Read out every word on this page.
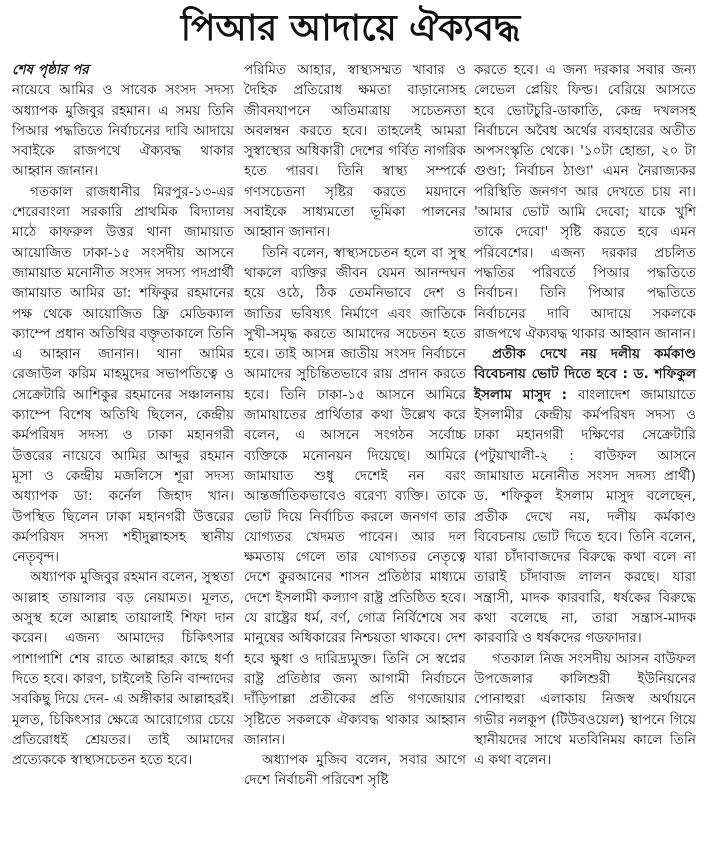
পিআর আদায়ে ঐক্যবদ্ধ

শেষ পৃষ্ঠার পর

নায়েবে আমির ও সাবেক সংসদ সদস্য অধ্যাপক মুজিবুর রহমান। এ সময় তিনি পিআর পদ্ধতিতে নির্বাচনের দাবি আদায়ে সবাইকে রাজপথে ঐক্যবদ্ধ থাকার আহ্বান জানান।

গতকাল রাজধানীর মিরপুর-১৩-এর শেরেবাংলা সরকারি প্রাথমিক বিদ্যালয় মাঠে কাফরুল উত্তর থানা জামায়াত আয়োজিত ঢাকা-১৫ সংসদীয় আসনে জামায়াত মনোনীত সংসদ সদস্য পদপ্রার্থী জামায়াত আমির ডা: শফিকুর রহমানের পক্ষ থেকে আয়োজিত ফ্রি মেডিক্যাল ক্যাম্পে প্রধান অতিথির বক্তৃতাকালে তিনি এ আহ্বান জানান। থানা আমির রেজাউল করিম মাহমুদের সভাপতিত্বে ও সেক্রেটারি আশিকুর রহমানের সঞ্চালনায় ক্যাম্পে বিশেষ অতিথি ছিলেন, কেন্দ্রীয় কর্মপরিষদ সদস্য ও ঢাকা মহানগরী উত্তরের নায়েবে আমির আব্দুর রহমান মূসা ও কেন্দ্রীয় মজলিসে শূরা সদস্য অধ্যাপক ডা: কর্নেল জিহাদ খান। উপস্থিত ছিলেন ঢাকা মহানগরী উত্তরের কর্মপরিষদ সদস্য শহীদুল্লাহসহ স্থানীয় নেতৃবৃন্দ।

অধ্যাপক মুজিবুর রহমান বলেন, সুস্থতা আল্লাহ তায়ালার বড় নেয়ামত। মূলত, অসুস্থ হলে আল্লাহ তায়ালাই শিফা দান করেন। এজন্য আমাদের চিকিৎসার পাশাপাশি শেষ রাতে আল্লাহর কাছে ধর্ণা দিতে হবে। কারণ, চাইলেই তিনি বান্দাদের সবকিছু দিয়ে দেন- এ অঙ্গীকার আল্লাহরই। মূলত, চিকিৎসার ক্ষেত্রে আরোগ্যের চেয়ে প্রতিরোধই শ্রেয়তর। তাই আমাদের প্রত্যেককে স্বাস্থ্যসচেতন হতে হবে।

পরিমিত আহার, স্বাস্থ্যসম্মত খাবার ও দৈহিক প্রতিরোধ ক্ষমতা বাড়ানোসহ জীবনযাপনে অতিমাত্রায় সচেতনতা অবলম্বন করতে হবে। তাহলেই আমরা সুস্বাস্থ্যের অধিকারী দেশের গর্বিত নাগরিক হতে পারব। তিনি স্বাস্থ্য সম্পর্কে গণসচেতনা সৃষ্টির করতে ময়দানে সবাইকে সাধ্যমতো ভূমিকা পালনের আহ্বান জানান।

তিনি বলেন, স্বাস্থ্যসচেতন হলে বা সুস্থ থাকলে ব্যক্তির জীবন যেমন আনন্দঘন হয়ে ওঠে, ঠিক তেমনিভাবে দেশ ও জাতির ভবিষ্যৎ নির্মাণে এবং জাতিকে সুখী-সমৃদ্ধ করতে আমাদের সচেতন হতে হবে। তাই আসন্ন জাতীয় সংসদ নির্বাচনে আমাদের সুচিন্তিতভাবে রায় প্রদান করতে হবে। তিনি ঢাকা-১৫ আসনে আমিরে জামায়াতের প্রার্থিতার কথা উল্লেখ করে বলেন, এ আসনে সংগঠন সর্বোচ্চ ব্যক্তিকে মনোনয়ন দিয়েছে। আমিরে জামায়াত শুধু দেশেই নন বরং আন্তর্জাতিকভাবেও বরেণ্য ব্যক্তি। তাকে ভোট দিয়ে নির্বাচিত করলে জনগণ তার যোগ্যতর খেদমত পাবেন। আর দল ক্ষমতায় গেলে তার যোগ্যতর নেতৃত্বে দেশে কুরআনের শাসন প্রতিষ্ঠার মাধ্যমে দেশে ইসলামী কল্যাণ রাষ্ট্র প্রতিষ্ঠিত হবে। যে রাষ্ট্রের ধর্ম, বর্ণ, গোত্র নির্বিশেষে সব মানুষের অধিকারের নিশ্চয়তা থাকবে। দেশ হবে ক্ষুধা ও দারিদ্র্যমুক্ত। তিনি সে স্বপ্নের রাষ্ট্র প্রতিষ্ঠার জন্য আগামী নির্বাচনে দাঁড়িপাল্লা প্রতীকের প্রতি গণজোয়ার সৃষ্টিতে সকলকে ঐক্যবদ্ধ থাকার আহ্বান জানান।

অধ্যাপক মুজিব বলেন, সবার আগে দেশে নির্বাচনী পরিবেশ সৃষ্টি

করতে হবে। এ জন্য দরকার সবার জন্য লেভেল প্লেয়িং ফিল্ড। বেরিয়ে আসতে হবে ভোটচুরি-ডাকাতি, কেন্দ্র দখলসহ নির্বাচনে অবৈধ অর্থের ব্যবহারের অতীত অপসংস্কৃতি থেকে। '১০টা হোন্ডা, ২০ টা গুণ্ডা; নির্বাচন ঠাণ্ডা' এমন নৈরাজ্যকর পরিস্থিতি জনগণ আর দেখতে চায় না। 'আমার ভোট আমি দেবো; যাকে খুশি তাকে দেবো' সৃষ্টি করতে হবে এমন পরিবেশের। এজন্য দরকার প্রচলিত পদ্ধতির পরিবর্তে পিআর পদ্ধতিতে নির্বাচন। তিনি পিআর পদ্ধতিতে নির্বাচনের দাবি আদায়ে সকলকে রাজপথে ঐক্যবদ্ধ থাকার আহ্বান জানান।

প্রতীক দেখে নয় দলীয় কর্মকাণ্ড বিবেচনায় ভোট দিতে হবে : ড. শফিকুল ইসলাম মাসুদ : বাংলাদেশ জামায়াতে ইসলামীর কেন্দ্রীয় কর্মপরিষদ সদস্য ও ঢাকা মহানগরী দক্ষিণের সেক্রেটারি (পটুয়াখালী-২ : বাউফল আসনে জামায়াত মনোনীত সংসদ সদস্য প্রার্থী) ড. শফিকুল ইসলাম মাসুদ বলেছেন, প্রতীক দেখে নয়, দলীয় কর্মকাণ্ড বিবেচনায় ভোট দিতে হবে। তিনি বলেন, যারা চাঁদাবাজদের বিরুদ্ধে কথা বলে না তারাই চাঁদাবাজ লালন করছে। যারা সন্ত্রাসী, মাদক কারবারি, ধর্ষকের বিরুদ্ধে কথা বলেছে না, তারা সন্ত্রাস-মাদক কারবারি ও ধর্ষকদের গডফাদার।

গতকাল নিজ সংসদীয় আসন বাউফল উপজেলার কালিশুরী ইউনিয়নের পোনাহুরা এলাকায় নিজস্ব অর্থায়নে গভীর নলকূপ (টিউবওয়েল) স্থাপনে গিয়ে স্থানীয়দের সাথে মতবিনিময় কালে তিনি এ কথা বলেন।
